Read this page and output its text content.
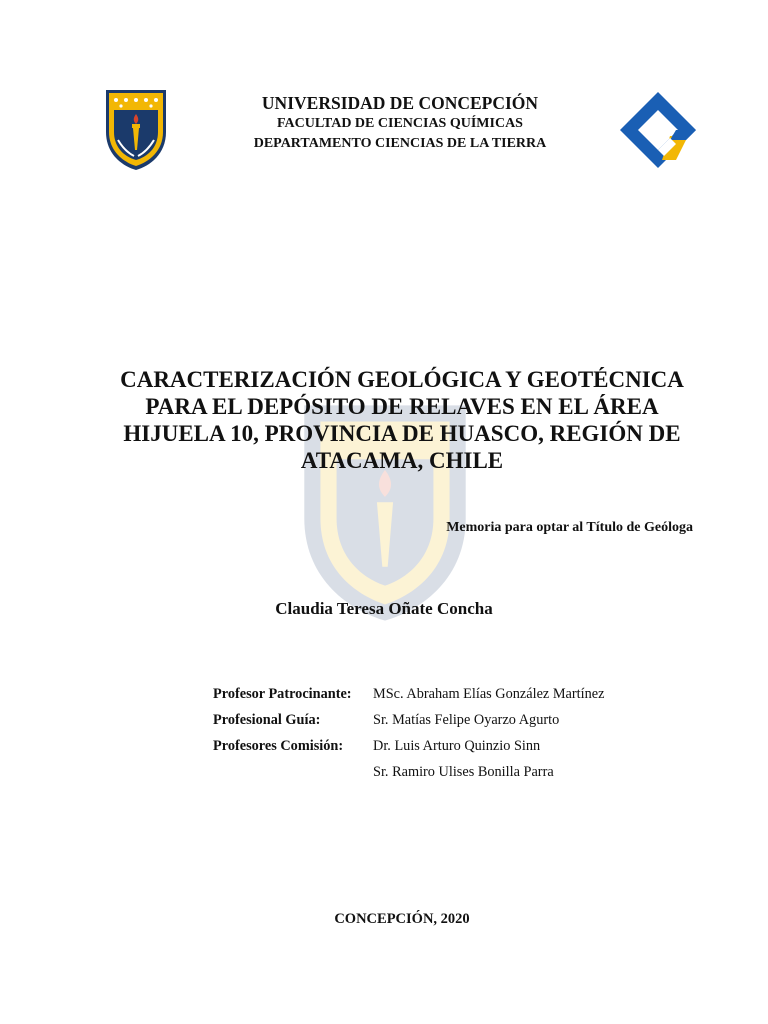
UNIVERSIDAD DE CONCEPCIÓN
FACULTAD DE CIENCIAS QUÍMICAS
DEPARTAMENTO CIENCIAS DE LA TIERRA
CARACTERIZACIÓN GEOLÓGICA Y GEOTÉCNICA
PARA EL DEPÓSITO DE RELAVES EN EL ÁREA
HIJUELA 10, PROVINCIA DE HUASCO, REGIÓN DE
ATACAMA, CHILE
Memoria para optar al Título de Geóloga
Claudia Teresa Oñate Concha
Profesor Patrocinante:	MSc. Abraham Elías González Martínez
Profesional Guía:	Sr. Matías Felipe Oyarzo Agurto
Profesores Comisión:	Dr. Luis Arturo Quinzio Sinn
Sr. Ramiro Ulises Bonilla Parra
CONCEPCIÓN, 2020
